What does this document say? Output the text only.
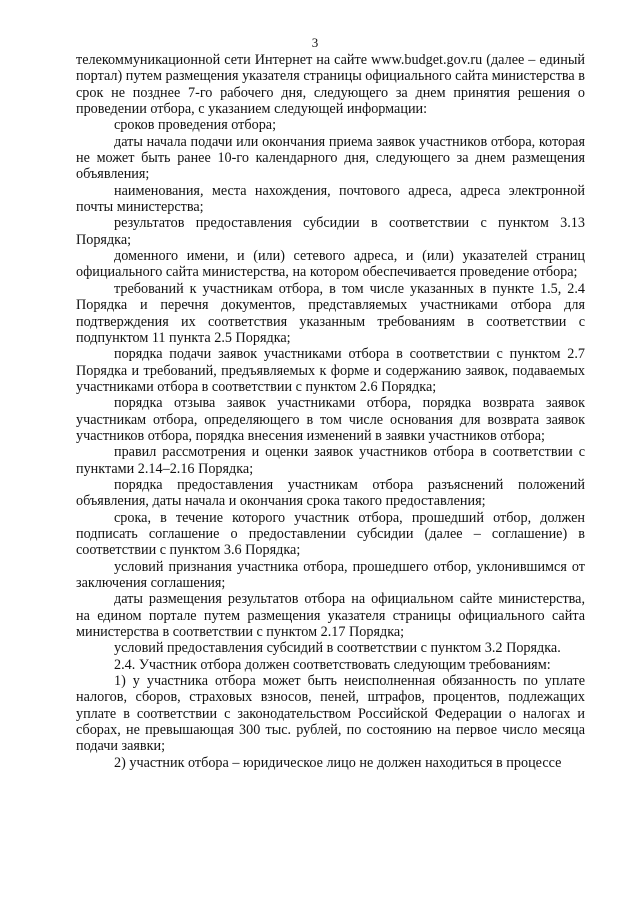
3

телекоммуникационной сети Интернет на сайте www.budget.gov.ru (далее – единый портал) путем размещения указателя страницы официального сайта министерства в срок не позднее 7-го рабочего дня, следующего за днем принятия решения о проведении отбора, с указанием следующей информации:

сроков проведения отбора;

даты начала подачи или окончания приема заявок участников отбора, которая не может быть ранее 10-го календарного дня, следующего за днем размещения объявления;

наименования, места нахождения, почтового адреса, адреса электронной почты министерства;

результатов предоставления субсидии в соответствии с пунктом 3.13 Порядка;

доменного имени, и (или) сетевого адреса, и (или) указателей страниц официального сайта министерства, на котором обеспечивается проведение отбора;

требований к участникам отбора, в том числе указанных в пункте 1.5, 2.4 Порядка и перечня документов, представляемых участниками отбора для подтверждения их соответствия указанным требованиям в соответствии с подпунктом 11 пункта 2.5 Порядка;

порядка подачи заявок участниками отбора в соответствии с пунктом 2.7 Порядка и требований, предъявляемых к форме и содержанию заявок, подаваемых участниками отбора в соответствии с пунктом 2.6 Порядка;

порядка отзыва заявок участниками отбора, порядка возврата заявок участникам отбора, определяющего в том числе основания для возврата заявок участников отбора, порядка внесения изменений в заявки участников отбора;

правил рассмотрения и оценки заявок участников отбора в соответствии с пунктами 2.14–2.16 Порядка;

порядка предоставления участникам отбора разъяснений положений объявления, даты начала и окончания срока такого предоставления;

срока, в течение которого участник отбора, прошедший отбор, должен подписать соглашение о предоставлении субсидии (далее – соглашение) в соответствии с пунктом 3.6 Порядка;

условий признания участника отбора, прошедшего отбор, уклонившимся от заключения соглашения;

даты размещения результатов отбора на официальном сайте министерства, на едином портале путем размещения указателя страницы официального сайта министерства в соответствии с пунктом 2.17 Порядка;

условий предоставления субсидий в соответствии с пунктом 3.2 Порядка.

2.4. Участник отбора должен соответствовать следующим требованиям:

1) у участника отбора может быть неисполненная обязанность по уплате налогов, сборов, страховых взносов, пеней, штрафов, процентов, подлежащих уплате в соответствии с законодательством Российской Федерации о налогах и сборах, не превышающая 300 тыс. рублей, по состоянию на первое число месяца подачи заявки;

2) участник отбора – юридическое лицо не должен находиться в процессе
